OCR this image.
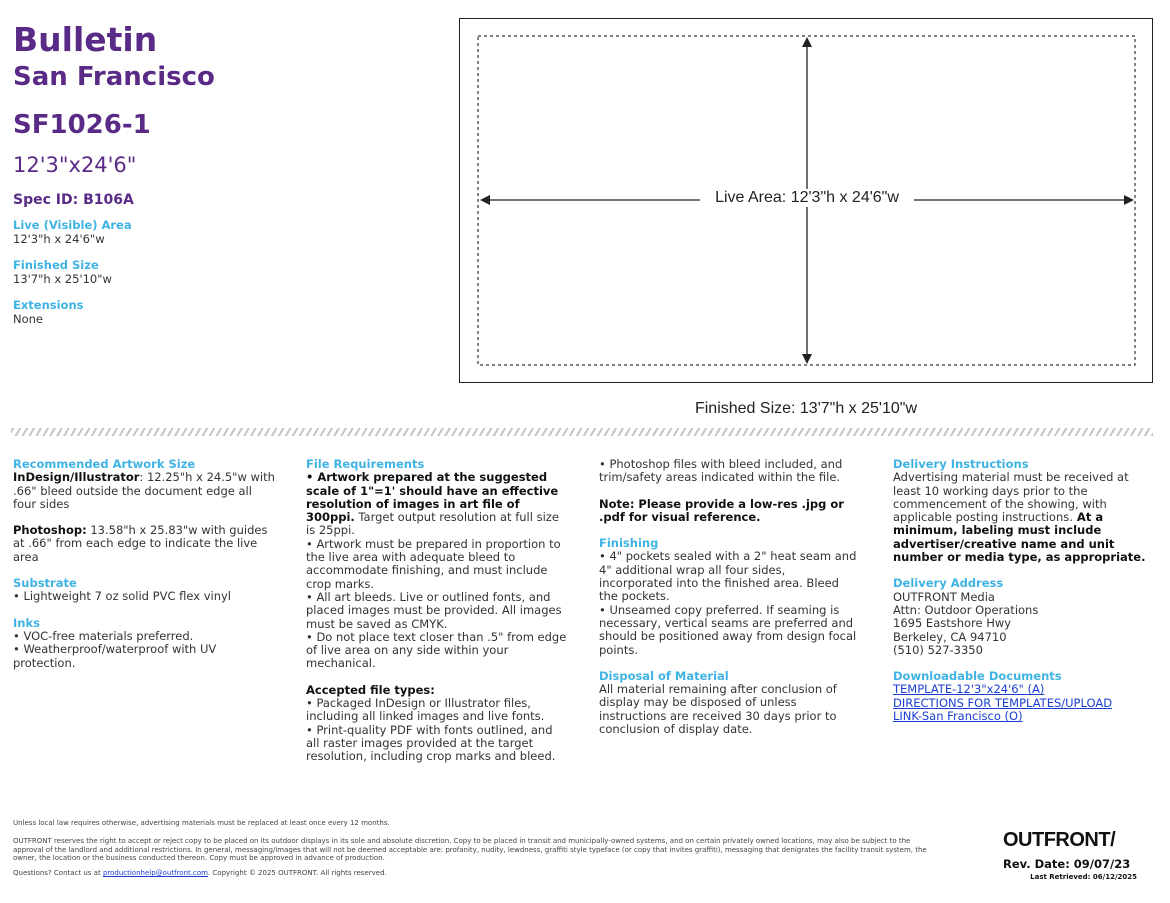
Bulletin
San Francisco
SF1026-1
12'3"x24'6"
Spec ID: B106A
Live (Visible) Area
12'3"h x 24'6"w
Finished Size
13'7"h x 25'10"w
Extensions
None
Live Area: 12'3"h x 24'6"w
Finished Size: 13'7"h x 25'10"w
Recommended Artwork Size
InDesign/Illustrator: 12.25"h x 24.5"w with .66" bleed outside the document edge all four sides
Photoshop: 13.58"h x 25.83"w with guides at .66" from each edge to indicate the live area
Substrate
• Lightweight 7 oz solid PVC flex vinyl
Inks
• VOC-free materials preferred.
• Weatherproof/waterproof with UV protection.
File Requirements
• Artwork prepared at the suggested scale of 1"=1' should have an effective resolution of images in art file of 300ppi. Target output resolution at full size is 25ppi.
• Artwork must be prepared in proportion to the live area with adequate bleed to accommodate finishing, and must include crop marks.
• All art bleeds. Live or outlined fonts, and placed images must be provided. All images must be saved as CMYK.
• Do not place text closer than .5" from edge of live area on any side within your mechanical.
Accepted file types:
• Packaged InDesign or Illustrator files, including all linked images and live fonts.
• Print-quality PDF with fonts outlined, and all raster images provided at the target resolution, including crop marks and bleed.
• Photoshop files with bleed included, and trim/safety areas indicated within the file.
Note: Please provide a low-res .jpg or .pdf for visual reference.
Finishing
• 4" pockets sealed with a 2" heat seam and 4" additional wrap all four sides, incorporated into the finished area. Bleed the pockets.
• Unseamed copy preferred. If seaming is necessary, vertical seams are preferred and should be positioned away from design focal points.
Disposal of Material
All material remaining after conclusion of display may be disposed of unless instructions are received 30 days prior to conclusion of display date.
Delivery Instructions
Advertising material must be received at least 10 working days prior to the commencement of the showing, with applicable posting instructions. At a minimum, labeling must include advertiser/creative name and unit number or media type, as appropriate.
Delivery Address
OUTFRONT Media
Attn: Outdoor Operations
1695 Eastshore Hwy
Berkeley, CA 94710
(510) 527-3350
Downloadable Documents
TEMPLATE-12'3"x24'6" (A)
DIRECTIONS FOR TEMPLATES/UPLOAD
LINK-San Francisco (O)
Unless local law requires otherwise, advertising materials must be replaced at least once every 12 months.
OUTFRONT reserves the right to accept or reject copy to be placed on its outdoor displays in its sole and absolute discretion. Copy to be placed in transit and municipally-owned systems, and on certain privately owned locations, may also be subject to the approval of the landlord and additional restrictions. In general, messaging/images that will not be deemed acceptable are: profanity, nudity, lewdness, graffiti style typeface (or copy that invites graffiti), messaging that denigrates the facility transit system, the owner, the location or the business conducted thereon. Copy must be approved in advance of production.
Questions? Contact us at productionhelp@outfront.com. Copyright © 2025 OUTFRONT. All rights reserved.
OUTFRONT/
Rev. Date: 09/07/23
Last Retrieved: 06/12/2025
